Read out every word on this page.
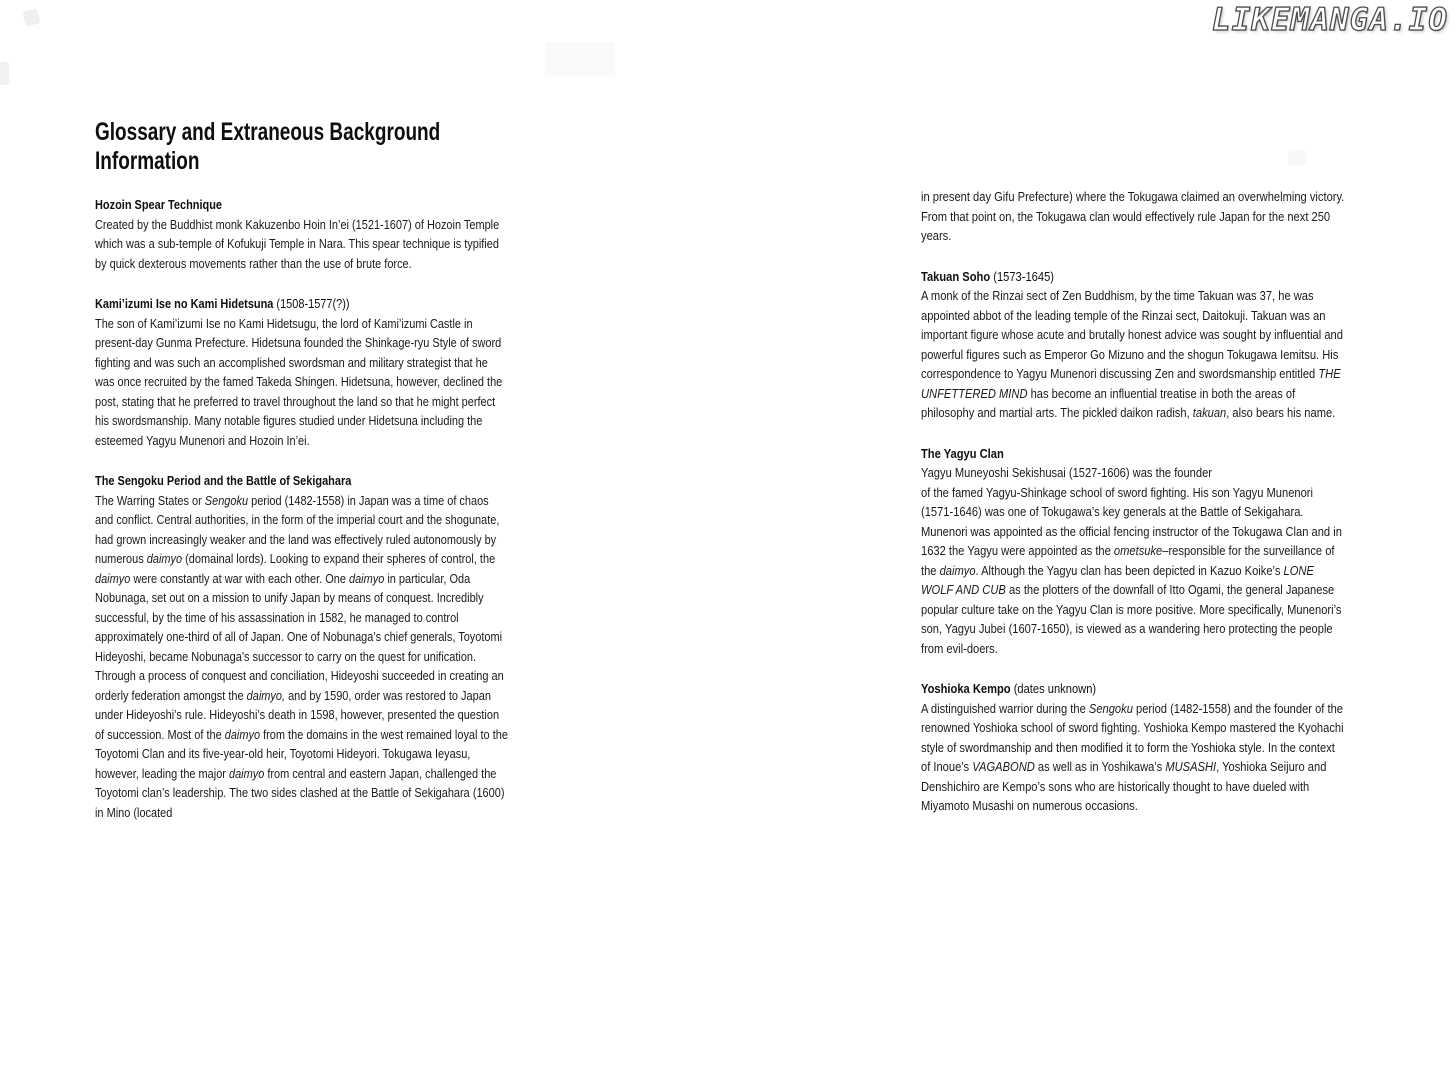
LIKEMANGA.IO
Glossary and Extraneous Background Information
Hozoin Spear Technique

Created by the Buddhist monk Kakuzenbo Hoin In’ei (1521-1607) of Hozoin Temple which was a sub-temple of Kofukuji Temple in Nara. This spear technique is typified by quick dexterous movements rather than the use of brute force.

Kami’izumi Ise no Kami Hidetsuna (1508-1577(?))

The son of Kami’izumi Ise no Kami Hidetsugu, the lord of Kami’izumi Castle in present-day Gunma Prefecture. Hidetsuna founded the Shinkage-ryu Style of sword fighting and was such an accomplished swordsman and military strategist that he was once recruited by the famed Takeda Shingen. Hidetsuna, however, declined the post, stating that he preferred to travel throughout the land so that he might perfect his swordsmanship. Many notable figures studied under Hidetsuna including the esteemed Yagyu Munenori and Hozoin In’ei.

The Sengoku Period and the Battle of Sekigahara

The Warring States or Sengoku period (1482-1558) in Japan was a time of chaos and conflict. Central authorities, in the form of the imperial court and the shogunate, had grown increasingly weaker and the land was effectively ruled autonomously by numerous daimyo (domainal lords). Looking to expand their spheres of control, the daimyo were constantly at war with each other. One daimyo in particular, Oda Nobunaga, set out on a mission to unify Japan by means of conquest. Incredibly successful, by the time of his assassination in 1582, he managed to control approximately one-third of all of Japan. One of Nobunaga’s chief generals, Toyotomi Hideyoshi, became Nobunaga’s successor to carry on the quest for unification. Through a process of conquest and conciliation, Hideyoshi succeeded in creating an orderly federation amongst the daimyo, and by 1590, order was restored to Japan under Hideyoshi’s rule. Hideyoshi’s death in 1598, however, presented the question of succession. Most of the daimyo from the domains in the west remained loyal to the Toyotomi Clan and its five-year-old heir, Toyotomi Hideyori. Tokugawa Ieyasu, however, leading the major daimyo from central and eastern Japan, challenged the Toyotomi clan’s leadership. The two sides clashed at the Battle of Sekigahara (1600) in Mino (located

in present day Gifu Prefecture) where the Tokugawa claimed an overwhelming victory. From that point on, the Tokugawa clan would effectively rule Japan for the next 250 years.

Takuan Soho (1573-1645)

A monk of the Rinzai sect of Zen Buddhism, by the time Takuan was 37, he was appointed abbot of the leading temple of the Rinzai sect, Daitokuji. Takuan was an important figure whose acute and brutally honest advice was sought by influential and powerful figures such as Emperor Go Mizuno and the shogun Tokugawa Iemitsu. His correspondence to Yagyu Munenori discussing Zen and swordsmanship entitled THE UNFETTERED MIND has become an influential treatise in both the areas of philosophy and martial arts. The pickled daikon radish, takuan, also bears his name.

The Yagyu Clan

Yagyu Muneyoshi Sekishusai (1527-1606) was the founder
of the famed Yagyu-Shinkage school of sword fighting. His son Yagyu Munenori (1571-1646) was one of Tokugawa’s key generals at the Battle of Sekigahara. Munenori was appointed as the official fencing instructor of the Tokugawa Clan and in 1632 the Yagyu were appointed as the ometsuke–responsible for the surveillance of the daimyo. Although the Yagyu clan has been depicted in Kazuo Koike’s LONE WOLF AND CUB as the plotters of the downfall of Itto Ogami, the general Japanese popular culture take on the Yagyu Clan is more positive. More specifically, Munenori’s son, Yagyu Jubei (1607-1650), is viewed as a wandering hero protecting the people from evil-doers.

Yoshioka Kempo (dates unknown)

A distinguished warrior during the Sengoku period (1482-1558) and the founder of the renowned Yoshioka school of sword fighting. Yoshioka Kempo mastered the Kyohachi style of swordmanship and then modified it to form the Yoshioka style. In the context of Inoue’s VAGABOND as well as in Yoshikawa’s MUSASHI, Yoshioka Seijuro and Denshichiro are Kempo’s sons who are historically thought to have dueled with Miyamoto Musashi on numerous occasions.
